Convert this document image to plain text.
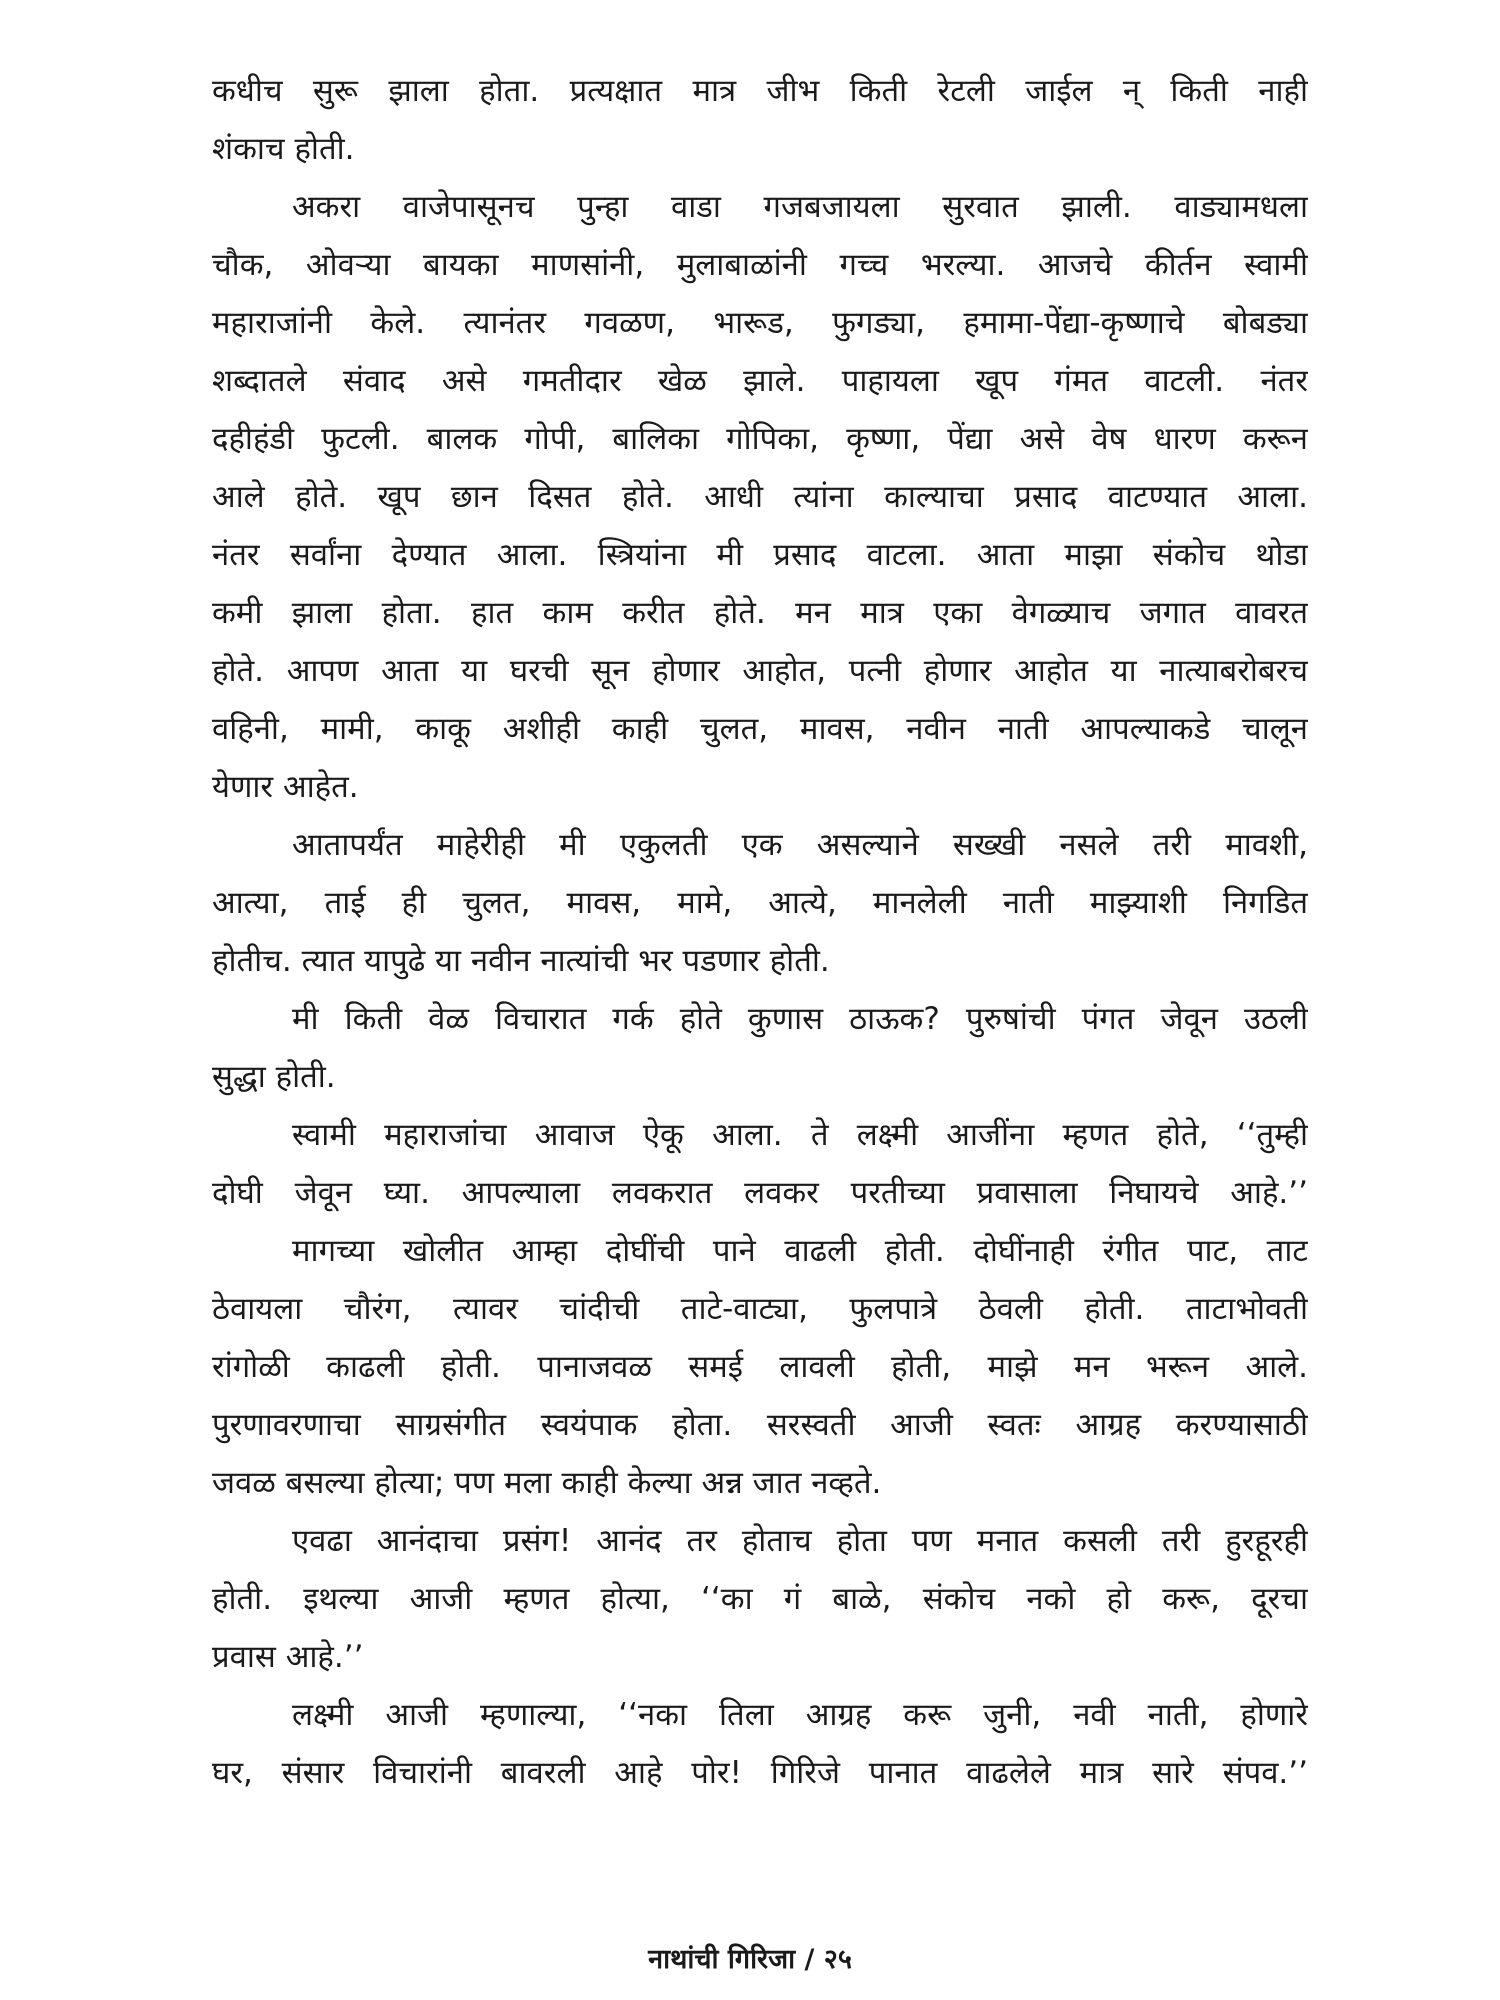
कधीच सुरू झाला होता. प्रत्यक्षात मात्र जीभ किती रेटली जाईल न् किती नाही
शंकाच होती.
अकरा वाजेपासूनच पुन्हा वाडा गजबजायला सुरवात झाली. वाड्यामधला
चौक, ओवऱ्या बायका माणसांनी, मुलाबाळांनी गच्च भरल्या. आजचे कीर्तन स्वामी
महाराजांनी केले. त्यानंतर गवळण, भारूड, फुगड्या, हमामा-पेंद्या-कृष्णाचे बोबड्या
शब्दातले संवाद असे गमतीदार खेळ झाले. पाहायला खूप गंमत वाटली. नंतर
दहीहंडी फुटली. बालक गोपी, बालिका गोपिका, कृष्णा, पेंद्या असे वेष धारण करून
आले होते. खूप छान दिसत होते. आधी त्यांना काल्याचा प्रसाद वाटण्यात आला.
नंतर सर्वांना देण्यात आला. स्त्रियांना मी प्रसाद वाटला. आता माझा संकोच थोडा
कमी झाला होता. हात काम करीत होते. मन मात्र एका वेगळ्याच जगात वावरत
होते. आपण आता या घरची सून होणार आहोत, पत्नी होणार आहोत या नात्याबरोबरच
वहिनी, मामी, काकू अशीही काही चुलत, मावस, नवीन नाती आपल्याकडे चालून
येणार आहेत.
आतापर्यंत माहेरीही मी एकुलती एक असल्याने सख्खी नसले तरी मावशी,
आत्या, ताई ही चुलत, मावस, मामे, आत्ये, मानलेली नाती माझ्याशी निगडित
होतीच. त्यात यापुढे या नवीन नात्यांची भर पडणार होती.
मी किती वेळ विचारात गर्क होते कुणास ठाऊक? पुरुषांची पंगत जेवून उठली
सुद्धा होती.
स्वामी महाराजांचा आवाज ऐकू आला. ते लक्ष्मी आजींना म्हणत होते, ‘‘तुम्ही
दोघी जेवून घ्या. आपल्याला लवकरात लवकर परतीच्या प्रवासाला निघायचे आहे.’’
मागच्या खोलीत आम्हा दोघींची पाने वाढली होती. दोघींनाही रंगीत पाट, ताट
ठेवायला चौरंग, त्यावर चांदीची ताटे-वाट्या, फुलपात्रे ठेवली होती. ताटाभोवती
रांगोळी काढली होती. पानाजवळ समई लावली होती, माझे मन भरून आले.
पुरणावरणाचा साग्रसंगीत स्वयंपाक होता. सरस्वती आजी स्वतः आग्रह करण्यासाठी
जवळ बसल्या होत्या; पण मला काही केल्या अन्न जात नव्हते.
एवढा आनंदाचा प्रसंग! आनंद तर होताच होता पण मनात कसली तरी हुरहूरही
होती. इथल्या आजी म्हणत होत्या, ‘‘का गं बाळे, संकोच नको हो करू, दूरचा
प्रवास आहे.’’
लक्ष्मी आजी म्हणाल्या, ‘‘नका तिला आग्रह करू जुनी, नवी नाती, होणारे
घर, संसार विचारांनी बावरली आहे पोर! गिरिजे पानात वाढलेले मात्र सारे संपव.’’
नाथांची गिरिजा / २५
